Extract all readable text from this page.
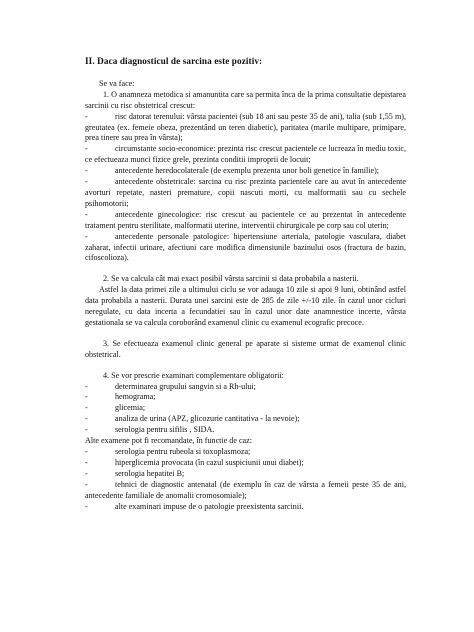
II. Daca diagnosticul de sarcina este pozitiv:

Se va face:

1. O anamneza metodica si amanuntita care sa permita înca de la prima consultatie depistarea sarcinii cu risc obstetrical crescut:

-	risc datorat terenului: vârsta pacientei (sub 18 ani sau peste 35 de ani), talia (sub 1,55 m), greutatea (ex. femeie obeza, prezentând un teren diabetic), paritatea (marile multipare, primipare, prea tinere sau prea în vârsta);

-	circumstante socio-economice: prezinta risc crescut pacientele ce lucreaza în mediu toxic, ce efectueaza munci fizice grele, prezinta conditii improprii de locuit;

-	antecedente heredocolaterale (de exemplu prezenta unor boli genetice în familie);

-	antecedente obstetricale: sarcina cu risc prezinta pacientele care au avut în antecedente avorturi repetate, nasteri premature, copii nascuti morti, cu malformatii sau cu sechele psihomotorii;

-	antecedente ginecologice: risc crescut au pacientele ce au prezentat în antecedente tratament pentru sterilitate, malformatii uterine, interventii chirurgicale pe corp sau col uterin;

-	antecedente personale patologice: hipertensiune arteriala, patologie vasculara, diabet zaharat, infectii urinare, afectiuni care modifica dimensiunile bazinului osos (fractura de bazin, cifoscolioza).

2. Se va calcula cât mai exact posibil vârsta sarcinii si data probabila a nasterii.

Astfel la data primei zile a ultimului ciclu se vor adauga 10 zile si apoi 9 luni, obtinând astfel data probabila a nasterii. Durata unei sarcini este de 285 de zile +/-10 zile. în cazul unor cicluri neregulate, cu data incerta a fecundatiei sau în cazul unor date anamnestice incerte, vârsta gestationala se va calcula coroborând examenul clinic cu examenul ecografic precoce.

3. Se efectueaza examenul clinic general pe aparate si sisteme urmat de examenul clinic obstetrical.

4. Se vor prescrie examinari complementare obligatorii:

-	determinarea grupului sangvin si a Rh-ului;

-	hemograma;

-	glicemia;

-	analiza de urina (APZ, glicozurie cantitativa - la nevoie);

-	serologia pentru sifilis , SIDA.

Alte examene pot fi recomandate, în functie de caz:

-	serologia pentru rubeola si toxoplasmoza;

-	hiperglicemia provocata (în cazul suspiciunii unui diabet);

-	serologia hepatitei B;

-	tehnici de diagnostic antenatal (de exemplu în caz de vârsta a femeii peste 35 de ani, antecedente familiale de anomalii cromosomiale);

-	alte examinari impuse de o patologie preexistenta sarcinii.
